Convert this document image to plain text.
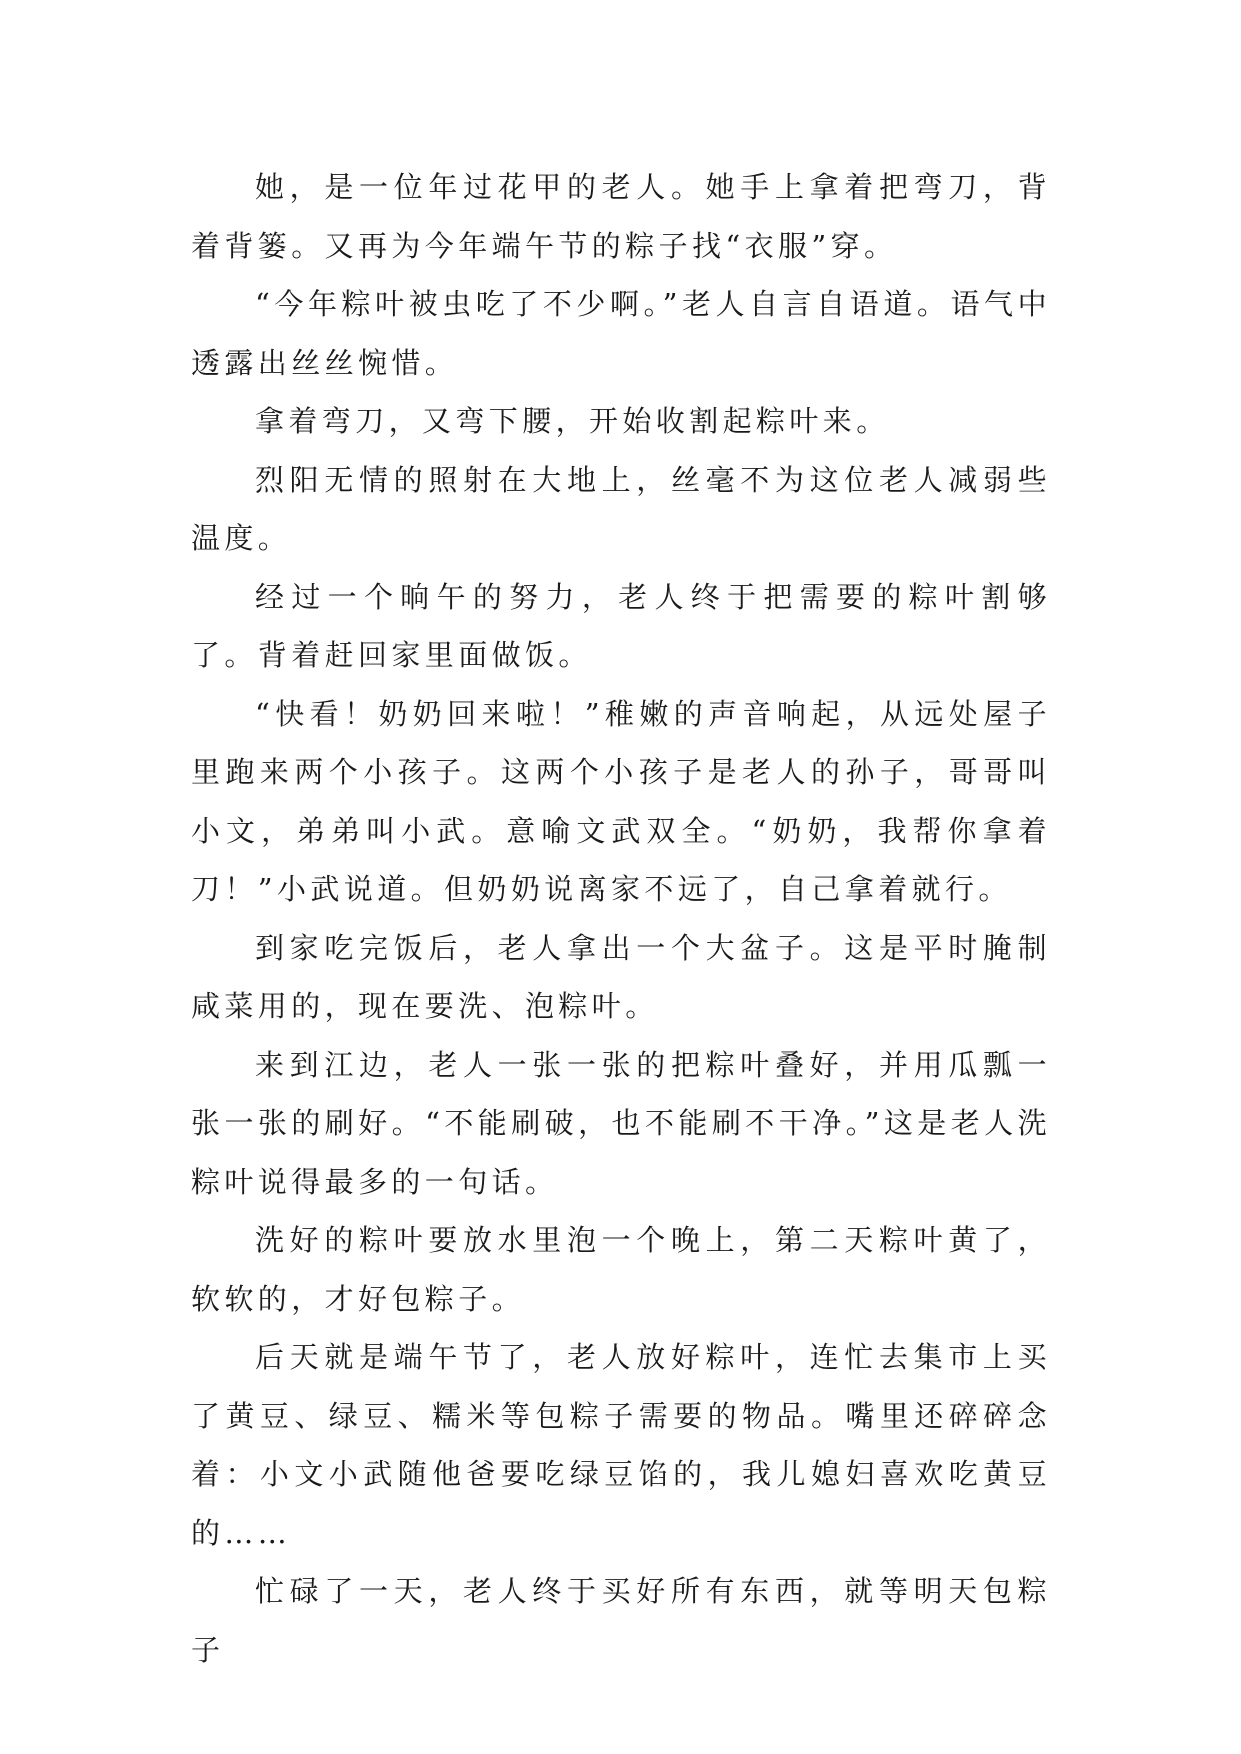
她，是一位年过花甲的老人。她手上拿着把弯刀，背着背篓。又再为今年端午节的粽子找“衣服”穿。

“今年粽叶被虫吃了不少啊。”老人自言自语道。语气中透露出丝丝惋惜。

拿着弯刀，又弯下腰，开始收割起粽叶来。

烈阳无情的照射在大地上，丝毫不为这位老人减弱些温度。

经过一个晌午的努力，老人终于把需要的粽叶割够了。背着赶回家里面做饭。

“快看！奶奶回来啦！”稚嫩的声音响起，从远处屋子里跑来两个小孩子。这两个小孩子是老人的孙子，哥哥叫小文，弟弟叫小武。意喻文武双全。“奶奶，我帮你拿着刀！”小武说道。但奶奶说离家不远了，自己拿着就行。

到家吃完饭后，老人拿出一个大盆子。这是平时腌制咸菜用的，现在要洗、泡粽叶。

来到江边，老人一张一张的把粽叶叠好，并用瓜瓢一张一张的刷好。“不能刷破，也不能刷不干净。”这是老人洗粽叶说得最多的一句话。

洗好的粽叶要放水里泡一个晚上，第二天粽叶黄了，软软的，才好包粽子。

后天就是端午节了，老人放好粽叶，连忙去集市上买了黄豆、绿豆、糯米等包粽子需要的物品。嘴里还碎碎念着：小文小武随他爸要吃绿豆馅的，我儿媳妇喜欢吃黄豆的……

忙碌了一天，老人终于买好所有东西，就等明天包粽子
